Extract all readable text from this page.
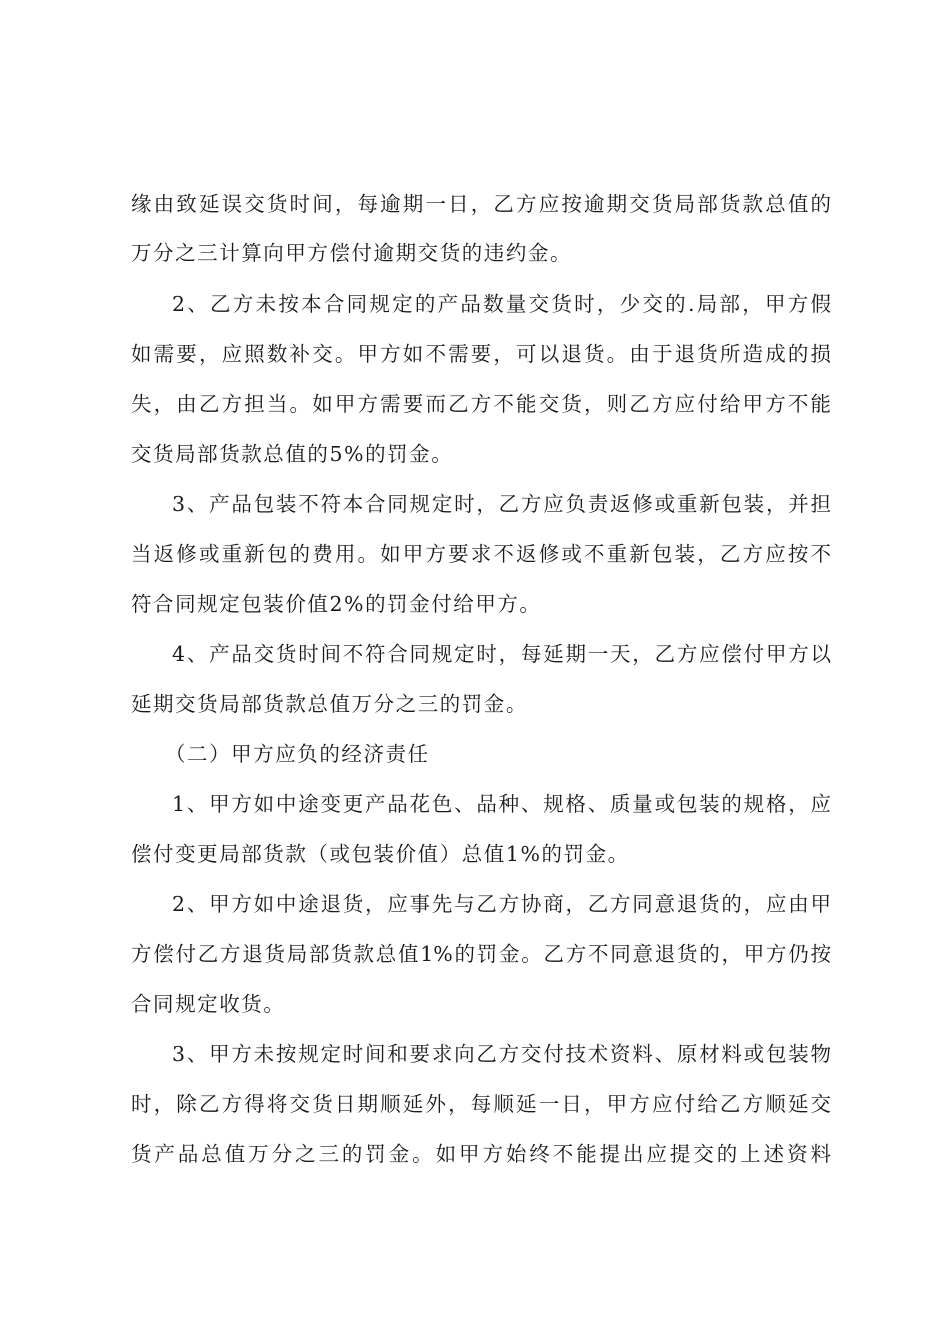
缘由致延误交货时间，每逾期一日，乙方应按逾期交货局部货款总值的
万分之三计算向甲方偿付逾期交货的违约金。
2、乙方未按本合同规定的产品数量交货时，少交的.局部，甲方假
如需要，应照数补交。甲方如不需要，可以退货。由于退货所造成的损
失，由乙方担当。如甲方需要而乙方不能交货，则乙方应付给甲方不能
交货局部货款总值的5%的罚金。
3、产品包装不符本合同规定时，乙方应负责返修或重新包装，并担
当返修或重新包的费用。如甲方要求不返修或不重新包装，乙方应按不
符合同规定包装价值2%的罚金付给甲方。
4、产品交货时间不符合同规定时，每延期一天，乙方应偿付甲方以
延期交货局部货款总值万分之三的罚金。
（二）甲方应负的经济责任
1、甲方如中途变更产品花色、品种、规格、质量或包装的规格，应
偿付变更局部货款（或包装价值）总值1%的罚金。
2、甲方如中途退货，应事先与乙方协商，乙方同意退货的，应由甲
方偿付乙方退货局部货款总值1%的罚金。乙方不同意退货的，甲方仍按
合同规定收货。
3、甲方未按规定时间和要求向乙方交付技术资料、原材料或包装物
时，除乙方得将交货日期顺延外，每顺延一日，甲方应付给乙方顺延交
货产品总值万分之三的罚金。如甲方始终不能提出应提交的上述资料
